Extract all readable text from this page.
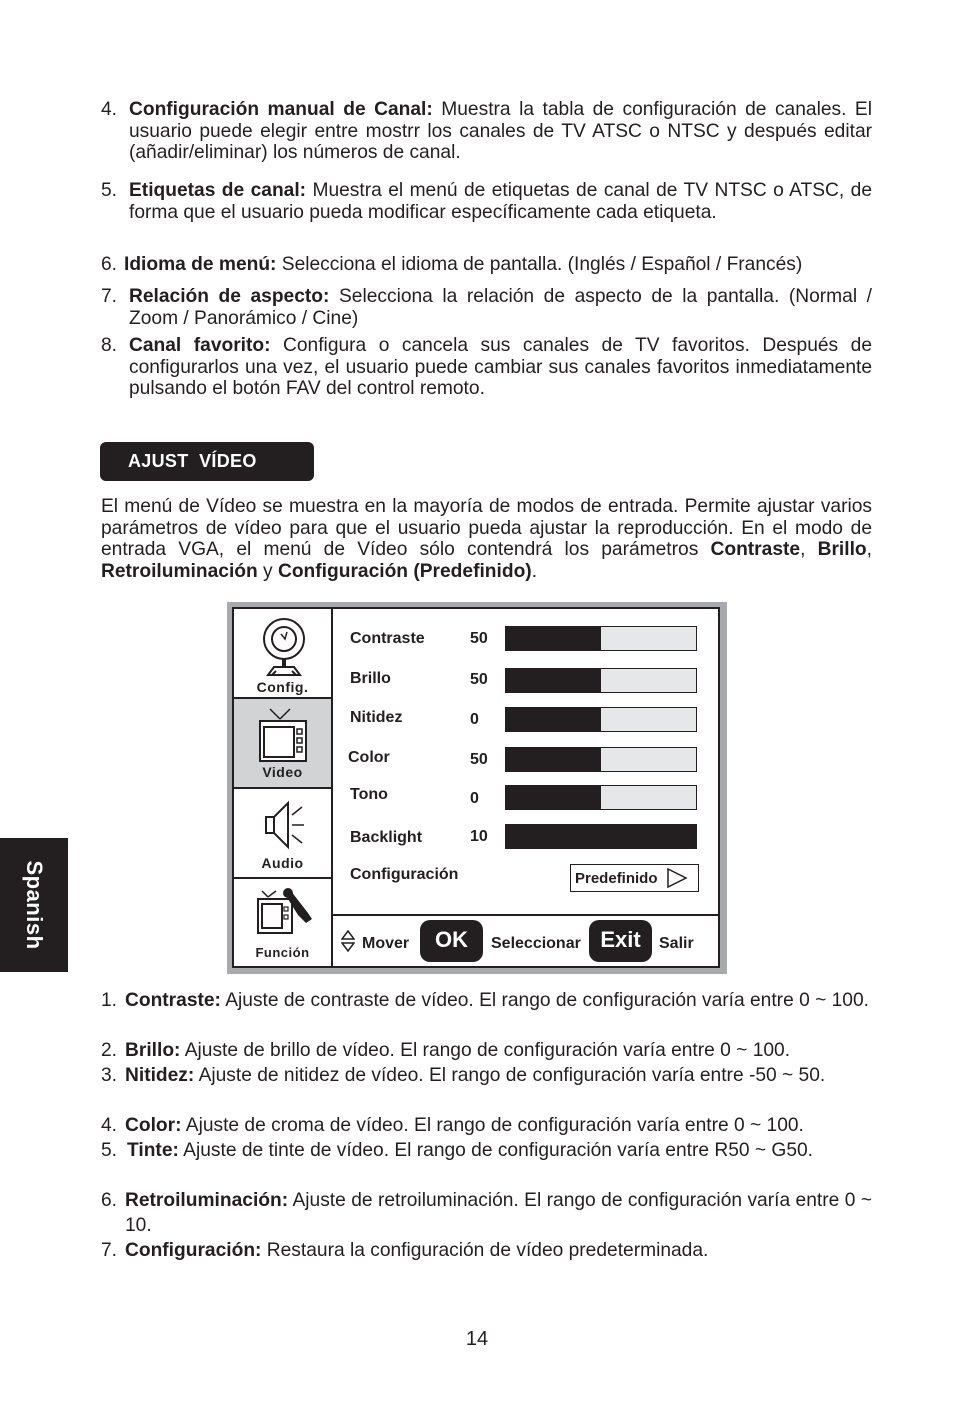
4. Configuración manual de Canal: Muestra la tabla de configuración de canales. El usuario puede elegir entre mostrr los canales de TV ATSC o NTSC y después editar (añadir/eliminar) los números de canal.
5. Etiquetas de canal: Muestra el menú de etiquetas de canal de TV NTSC o ATSC, de forma que el usuario pueda modificar específicamente cada etiqueta.
6. Idioma de menú: Selecciona el idioma de pantalla. (Inglés / Español / Francés)
7. Relación de aspecto: Selecciona la relación de aspecto de la pantalla. (Normal / Zoom / Panorámico / Cine)
8. Canal favorito: Configura o cancela sus canales de TV favoritos. Después de configurarlos una vez, el usuario puede cambiar sus canales favoritos inmediatamente pulsando el botón FAV del control remoto.
AJUST  VÍDEO

El menú de Vídeo se muestra en la mayoría de modos de entrada. Permite ajustar varios parámetros de vídeo para que el usuario pueda ajustar la reproducción. En el modo de entrada VGA, el menú de Vídeo sólo contendrá los parámetros Contraste, Brillo, Retroiluminación y Configuración (Predefinido).

Config.
Video
Audio
Función
Contraste	50
Brillo	50
Nitidez	0
Color	50
Tono	0
Backlight	10
Configuración	Predefinido
Mover	OK	Seleccionar Exit	Salir
1. Contraste: Ajuste de contraste de vídeo. El rango de configuración varía entre 0 ~ 100.
2. Brillo: Ajuste de brillo de vídeo. El rango de configuración varía entre 0 ~ 100.
3. Nitidez: Ajuste de nitidez de vídeo. El rango de configuración varía entre -50 ~ 50.
4. Color: Ajuste de croma de vídeo. El rango de configuración varía entre 0 ~ 100.
5. Tinte: Ajuste de tinte de vídeo. El rango de configuración varía entre R50 ~ G50.
6. Retroiluminación: Ajuste de retroiluminación. El rango de configuración varía entre 0 ~ 10.
7. Configuración: Restaura la configuración de vídeo predeterminada.
Spanish
14
